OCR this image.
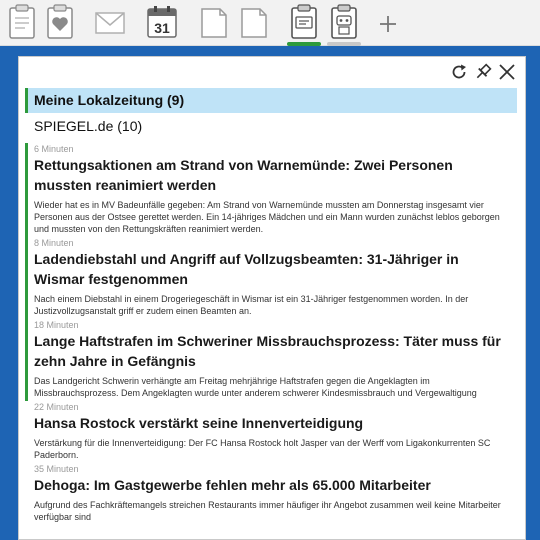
31
Meine Lokalzeitung (9)
SPIEGEL.de (10)
6 Minuten
Rettungsaktionen am Strand von Warnemünde: Zwei Personen mussten reanimiert werden
Wieder hat es in MV Badeunfälle gegeben: Am Strand von Warnemünde mussten am Donnerstag insgesamt vier Personen aus der Ostsee gerettet werden. Ein 14-jähriges Mädchen und ein Mann wurden zunächst leblos geborgen und mussten von den Rettungskräften reanimiert werden.
8 Minuten
Ladendiebstahl und Angriff auf Vollzugsbeamten: 31-Jähriger in Wismar festgenommen
Nach einem Diebstahl in einem Drogeriegeschäft in Wismar ist ein 31-Jähriger festgenommen worden. In der Justizvollzugsanstalt griff er zudem einen Beamten an.
18 Minuten
Lange Haftstrafen im Schweriner Missbrauchsprozess: Täter muss für zehn Jahre in Gefängnis
Das Landgericht Schwerin verhängte am Freitag mehrjährige Haftstrafen gegen die Angeklagten im Missbrauchsprozess. Dem Angeklagten wurde unter anderem schwerer Kindesmissbrauch und Vergewaltigung
22 Minuten
Hansa Rostock verstärkt seine Innenverteidigung
Verstärkung für die Innenverteidigung: Der FC Hansa Rostock holt Jasper van der Werff vom Ligakonkurrenten SC Paderborn.
35 Minuten
Dehoga: Im Gastgewerbe fehlen mehr als 65.000 Mitarbeiter
Aufgrund des Fachkräftemangels streichen Restaurants immer häufiger ihr Angebot zusammen weil keine Mitarbeiter verfügbar sind
